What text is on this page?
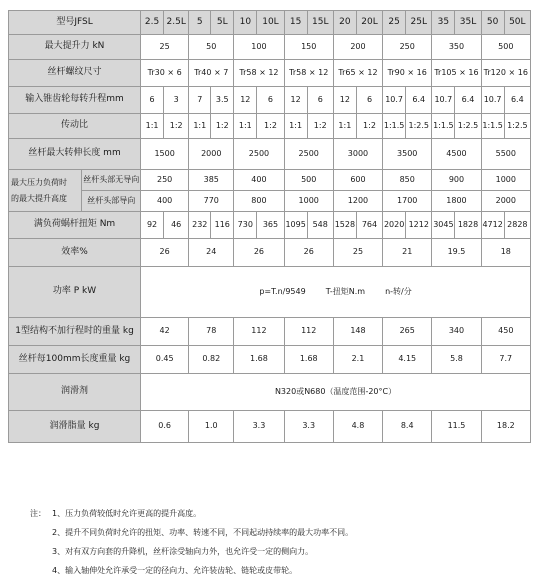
型号JFSL		2.5	2.5L	5	5L	10	10L	15	15L	20	20L	25	25L	35	35L	50	50L
最大提升力 kN		25		50		100		150		200		250		350		500	
丝杆螺纹尺寸		Tr30 × 6		Tr40 × 7		Tr58 × 12		Tr58 × 12		Tr65 × 12		Tr90 × 16		Tr105 × 16		Tr120 × 16	
输入锥齿轮每转升程mm		6	3	7	3.5	12	6	12	6	12	6	10.7	6.4	10.7	6.4	10.7	6.4
传动比		1:1	1:2	1:1	1:2	1:1	1:2	1:1	1:2	1:1	1:2	1:1.5	1:2.5	1:1.5	1:2.5	1:1.5	1:2.5
丝杆最大转伸长度 mm		1500		2000		2500		2500		3000		3500		4500		5500	

最大压力负荷时
的最大提升高度	丝杆头部无导向	250		385		400		500		600		850		900		1000	
	丝杆头部导向	400		770		800		1000		1200		1700		1800		2000	
满负荷蜗杆扭矩 Nm		92	46	232	116	730	365	1095	548	1528	764	2020	1212	3045	1828	4712	2828
效率%		26		24		26		26		25		21		19.5		18	
功率 P kW		p=T.n/9549 T-扭矩N.m n-转/分															
1型结构不加行程时的重量 kg		42		78		112		112		148		265		340		450	
丝杆每100mm长度重量 kg		0.45		0.82		1.68		1.68		2.1		4.15		5.8		7.7	
润滑剂		N320或N680（温度范围-20°C）															
润滑脂量 kg		0.6		1.0		3.3		3.3		4.8		8.4		11.5		18.2	
注： 1、压力负荷较低时允许更高的提升高度。
2、提升不同负荷时允许的扭矩、功率、转速不同，不同起动持续率的最大功率不同。
3、对有双方向套的升降机，丝杆涂受轴向力外，也允许受一定的侧向力。
4、输入轴伸处允许承受一定的径向力、允许装齿轮、链轮或皮带轮。
